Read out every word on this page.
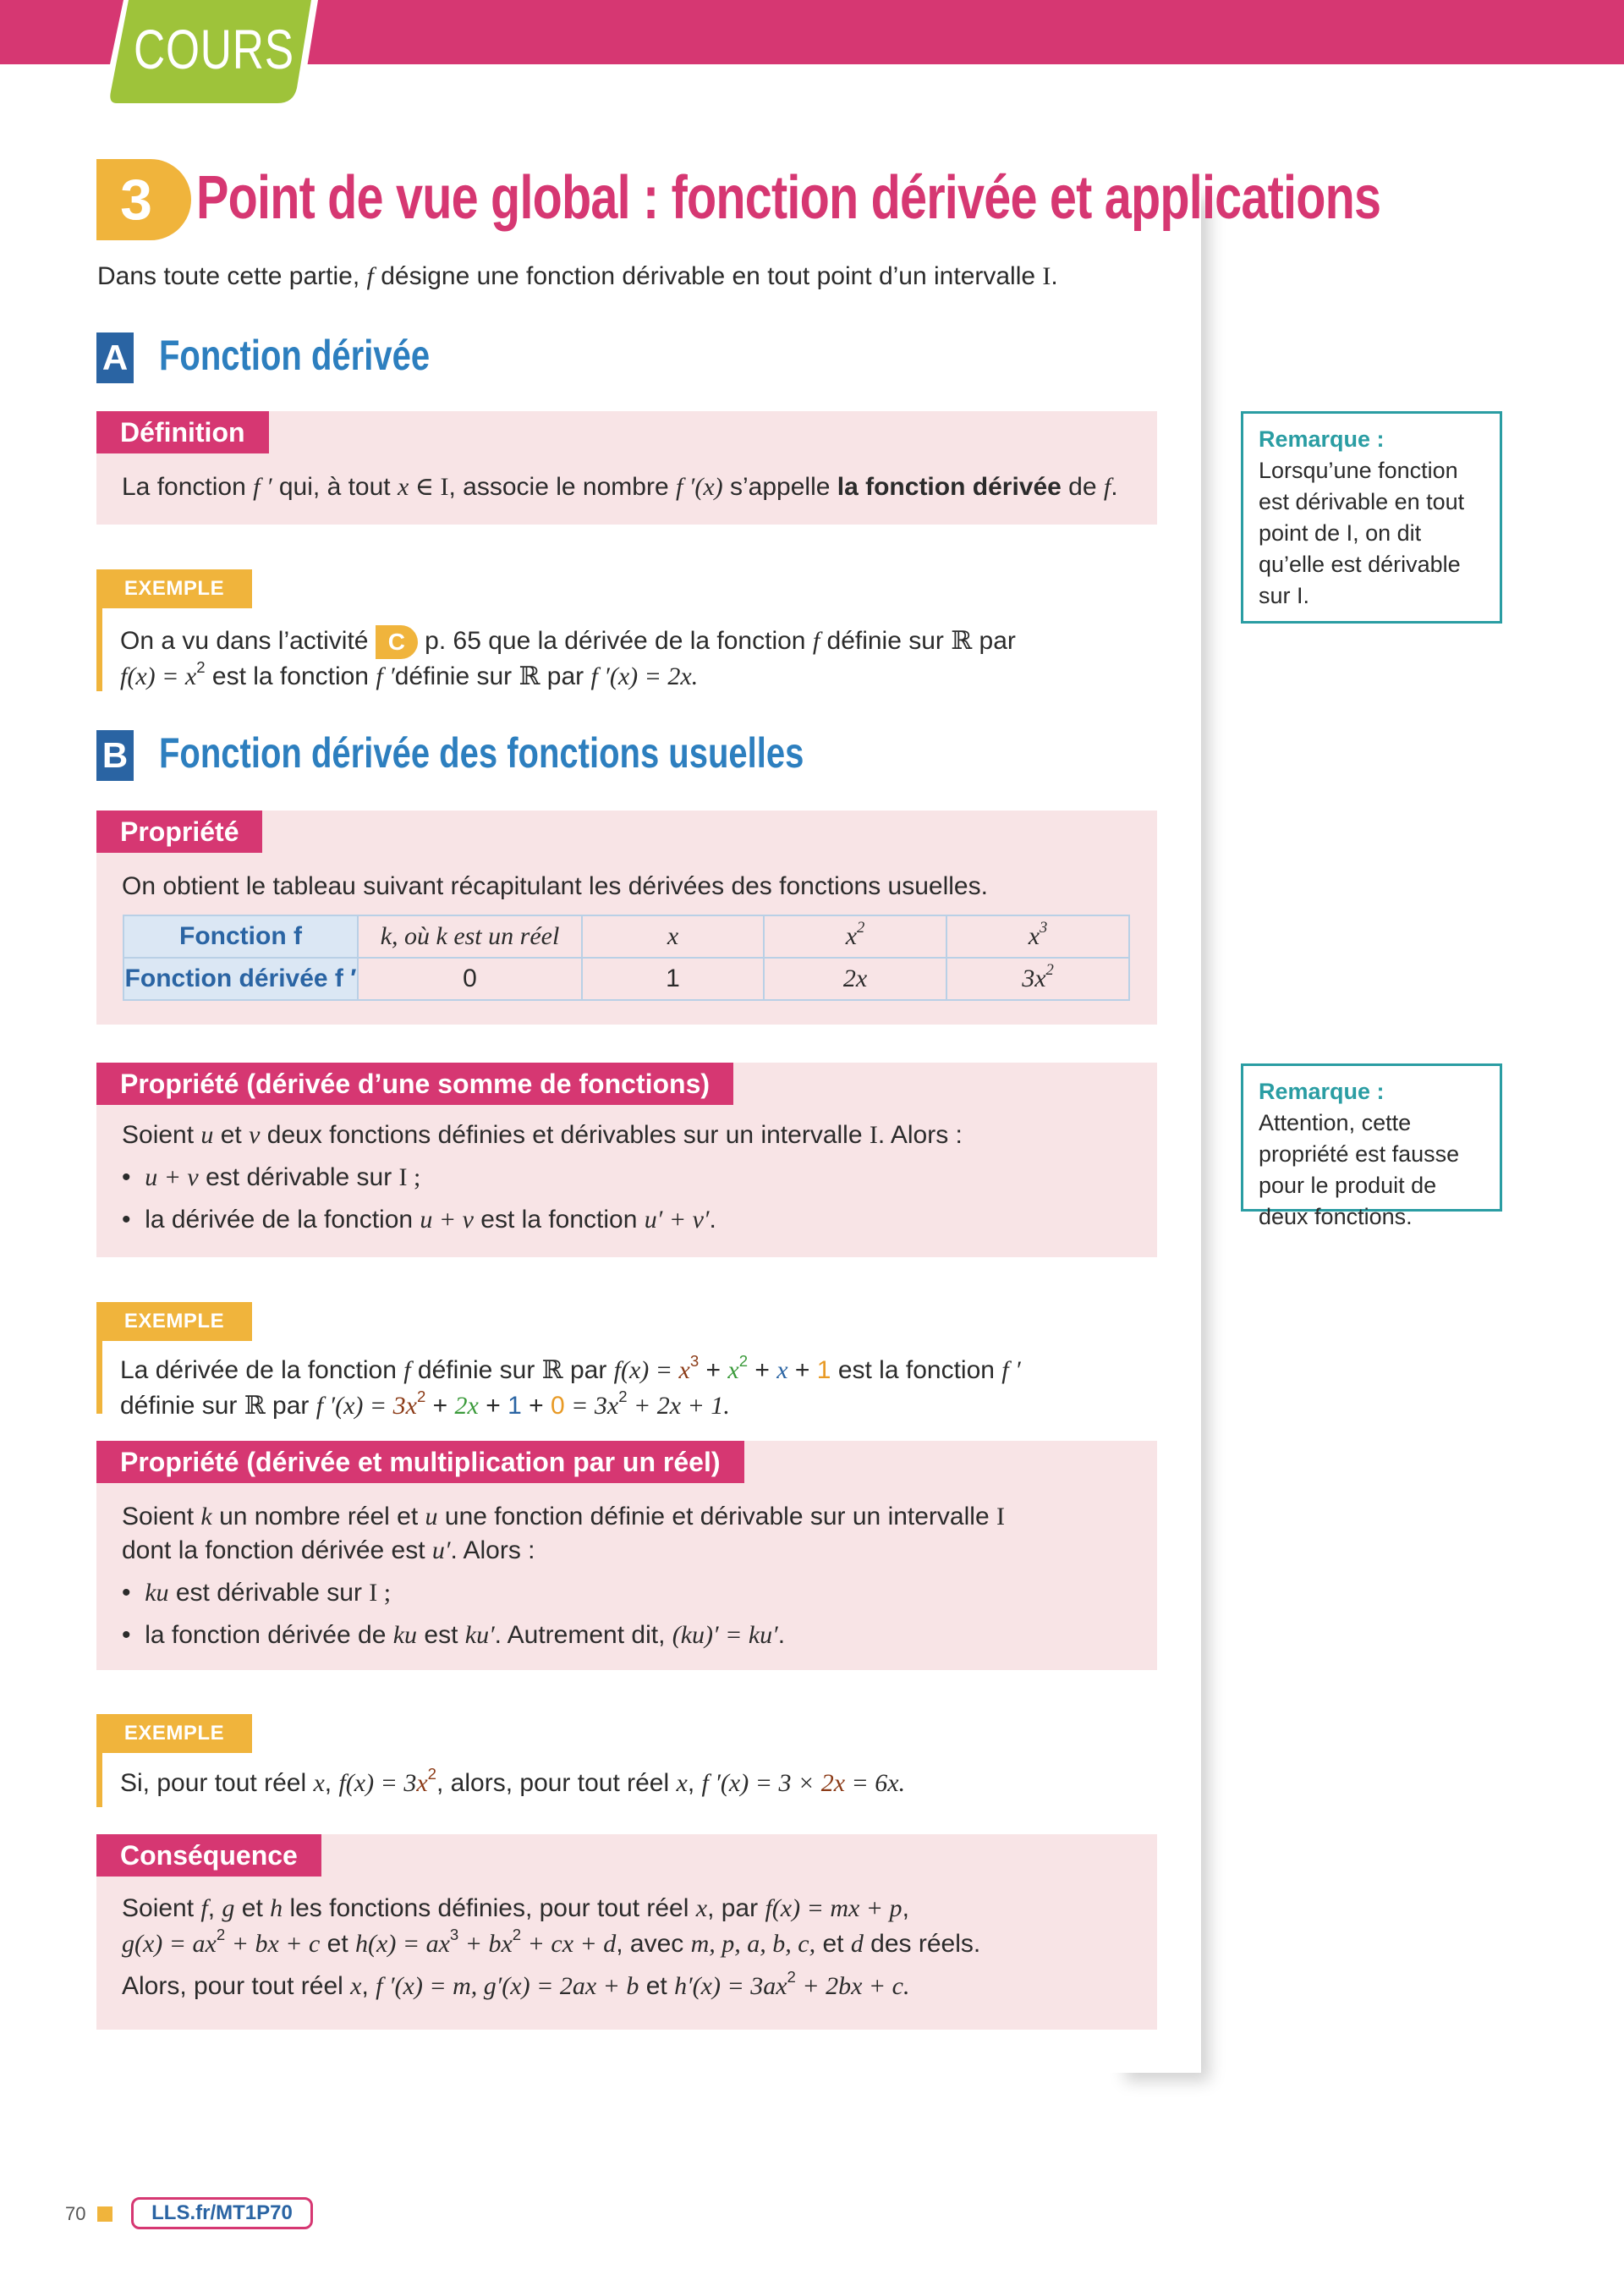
COURS
3 Point de vue global : fonction dérivée et applications
Dans toute cette partie, f désigne une fonction dérivable en tout point d’un intervalle I.
A Fonction dérivée
Définition
La fonction f ′ qui, à tout x ∈ I, associe le nombre f ′(x) s’appelle la fonction dérivée de f.
EXEMPLE
On a vu dans l’activité C p. 65 que la dérivée de la fonction f définie sur ℝ par
$f(x) = x^2$ est la fonction f ′définie sur ℝ par f ′(x) = 2x.
Remarque :
Lorsqu’une fonction est dérivable en tout point de I, on dit qu’elle est dérivable sur I.
B Fonction dérivée des fonctions usuelles
Propriété
On obtient le tableau suivant récapitulant les dérivées des fonctions usuelles.
Fonction f	k, où k est un réel	x	$x^2$	$x^3$
Fonction dérivée f ′	0	1	2x	$3x^2$
Propriété (dérivée d’une somme de fonctions)
Soient u et v deux fonctions définies et dérivables sur un intervalle I. Alors :
•  u + v est dérivable sur I ;
•  la dérivée de la fonction u + v est la fonction u′ + v′.
Remarque : Attention, cette propriété est fausse pour le produit de deux fonctions.
EXEMPLE
La dérivée de la fonction f définie sur ℝ par $f(x) = x^3 + x^2 + x + 1$ est la fonction f ′
définie sur ℝ par f $'(x) = 3x^2 + 2x + 1 + 0 = 3x^2 + 2x + 1$.
Propriété (dérivée et multiplication par un réel)
Soient k un nombre réel et u une fonction définie et dérivable sur un intervalle I
dont la fonction dérivée est u′. Alors :
•  ku est dérivable sur I ;
•  la fonction dérivée de ku est ku′. Autrement dit, (ku)′ = ku′.
EXEMPLE
Si, pour tout réel x, $f(x) = 3x^2$, alors, pour tout réel x, f ′(x) = 3 × 2x = 6x.
Conséquence
Soient f, g et h les fonctions définies, pour tout réel x, par f(x) = mx + p,
$g(x) = ax^2$ + bx + c et $h(x) = ax^3 + bx^2$ + cx + d, avec m, p, a, b, c, et d des réels.
Alors, pour tout réel x, f ′(x) = m, g′(x) = 2ax + b et $h'(x) = 3ax^2 + 2bx + c$.
70	LLS.fr/MT1P70
